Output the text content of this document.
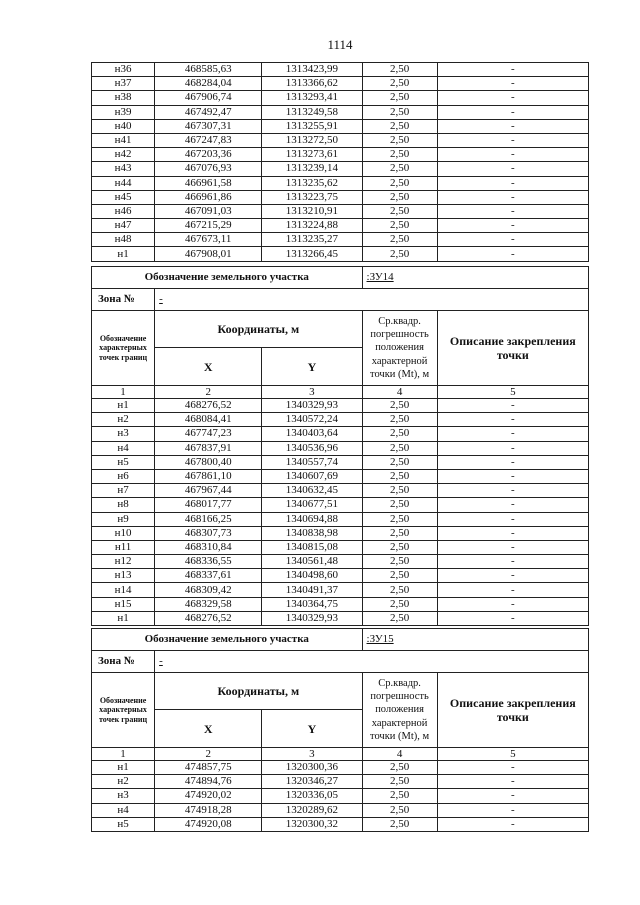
1114
н36	468585,63	1313423,99	2,50	-
н37	468284,04	1313366,62	2,50	-
н38	467906,74	1313293,41	2,50	-
н39	467492,47	1313249,58	2,50	-
н40	467307,31	1313255,91	2,50	-
н41	467247,83	1313272,50	2,50	-
н42	467203,36	1313273,61	2,50	-
н43	467076,93	1313239,14	2,50	-
н44	466961,58	1313235,62	2,50	-
н45	466961,86	1313223,75	2,50	-
н46	467091,03	1313210,91	2,50	-
н47	467215,29	1313224,88	2,50	-
н48	467673,11	1313235,27	2,50	-
н1	467908,01	1313266,45	2,50	-
Обозначение земельного участка			:ЗУ14	
Зона №	-			
Обозначение характерных точек границ	Координаты, м		Ср.квадр. погрешность положения характерной точки (Mt), м	Описание закрепления точки
	X	Y		
1	2	3	4	5
н1	468276,52	1340329,93	2,50	-
н2	468084,41	1340572,24	2,50	-
н3	467747,23	1340403,64	2,50	-
н4	467837,91	1340536,96	2,50	-
н5	467800,40	1340557,74	2,50	-
н6	467861,10	1340607,69	2,50	-
н7	467967,44	1340632,45	2,50	-
н8	468017,77	1340677,51	2,50	-
н9	468166,25	1340694,88	2,50	-
н10	468307,73	1340838,98	2,50	-
н11	468310,84	1340815,08	2,50	-
н12	468336,55	1340561,48	2,50	-
н13	468337,61	1340498,60	2,50	-
н14	468309,42	1340491,37	2,50	-
н15	468329,58	1340364,75	2,50	-
н1	468276,52	1340329,93	2,50	-
Обозначение земельного участка			:ЗУ15	
Зона №	-			
Обозначение характерных точек границ	Координаты, м		Ср.квадр. погрешность положения характерной точки (Mt), м	Описание закрепления точки
	X	Y		
1	2	3	4	5
н1	474857,75	1320300,36	2,50	-
н2	474894,76	1320346,27	2,50	-
н3	474920,02	1320336,05	2,50	-
н4	474918,28	1320289,62	2,50	-
н5	474920,08	1320300,32	2,50	-
